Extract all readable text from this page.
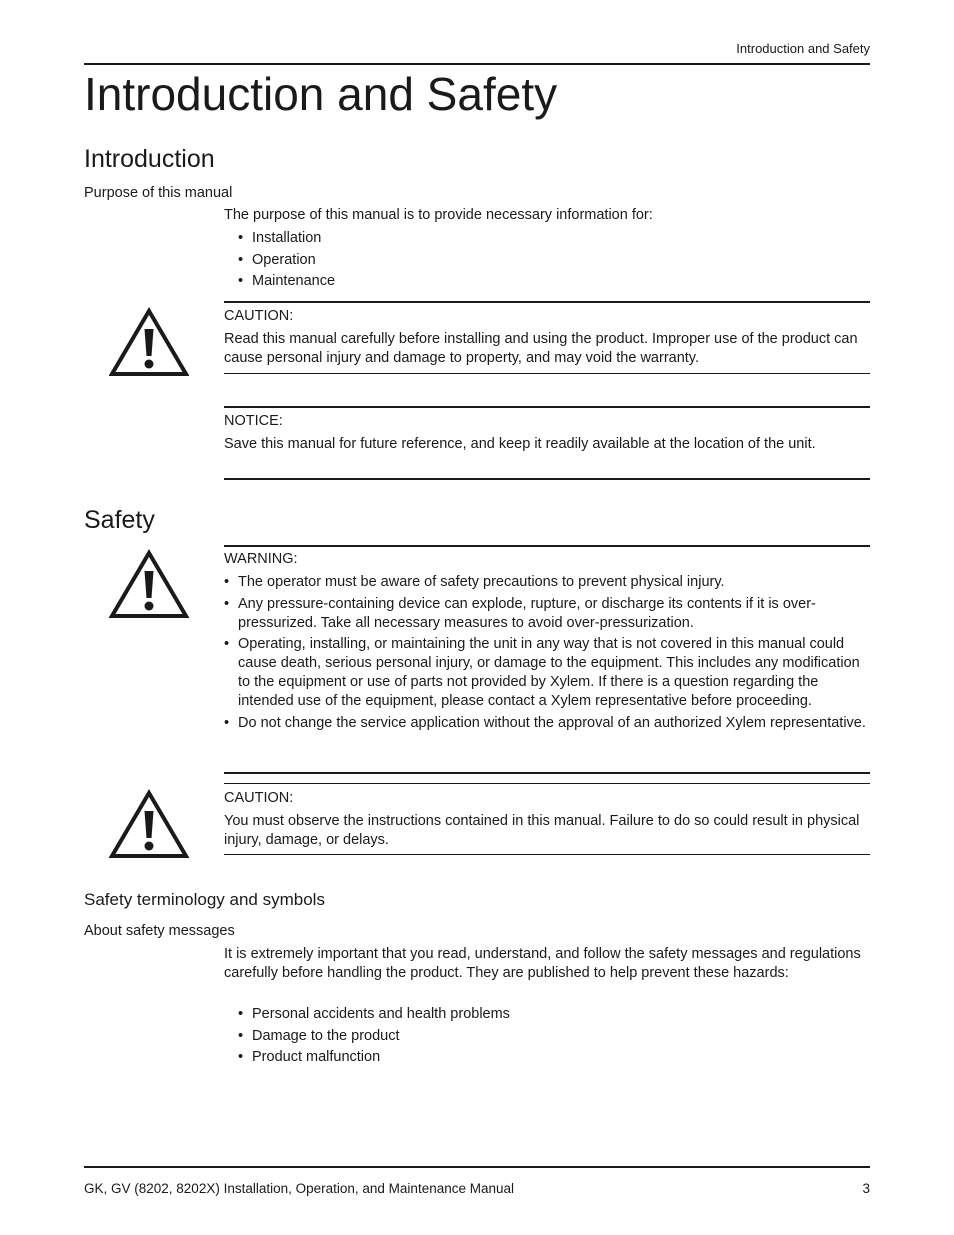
Introduction and Safety
Introduction and Safety
Introduction
Purpose of this manual

The purpose of this manual is to provide necessary information for:

• Installation
• Operation
• Maintenance
CAUTION:
Read this manual carefully before installing and using the product. Improper use of the product can cause personal injury and damage to property, and may void the warranty.
NOTICE:
Save this manual for future reference, and keep it readily available at the location of the unit.
Safety
WARNING:
• The operator must be aware of safety precautions to prevent physical injury.
• Any pressure-containing device can explode, rupture, or discharge its contents if it is over-pressurized. Take all necessary measures to avoid over-pressurization.
• Operating, installing, or maintaining the unit in any way that is not covered in this manual could cause death, serious personal injury, or damage to the equipment. This includes any modification to the equipment or use of parts not provided by Xylem. If there is a question regarding the intended use of the equipment, please contact a Xylem representative before proceeding.
• Do not change the service application without the approval of an authorized Xylem representative.
CAUTION:
You must observe the instructions contained in this manual. Failure to do so could result in physical injury, damage, or delays.
Safety terminology and symbols
About safety messages

It is extremely important that you read, understand, and follow the safety messages and regulations carefully before handling the product. They are published to help prevent these hazards:

• Personal accidents and health problems
• Damage to the product
• Product malfunction
GK, GV (8202, 8202X) Installation, Operation, and Maintenance Manual	3
